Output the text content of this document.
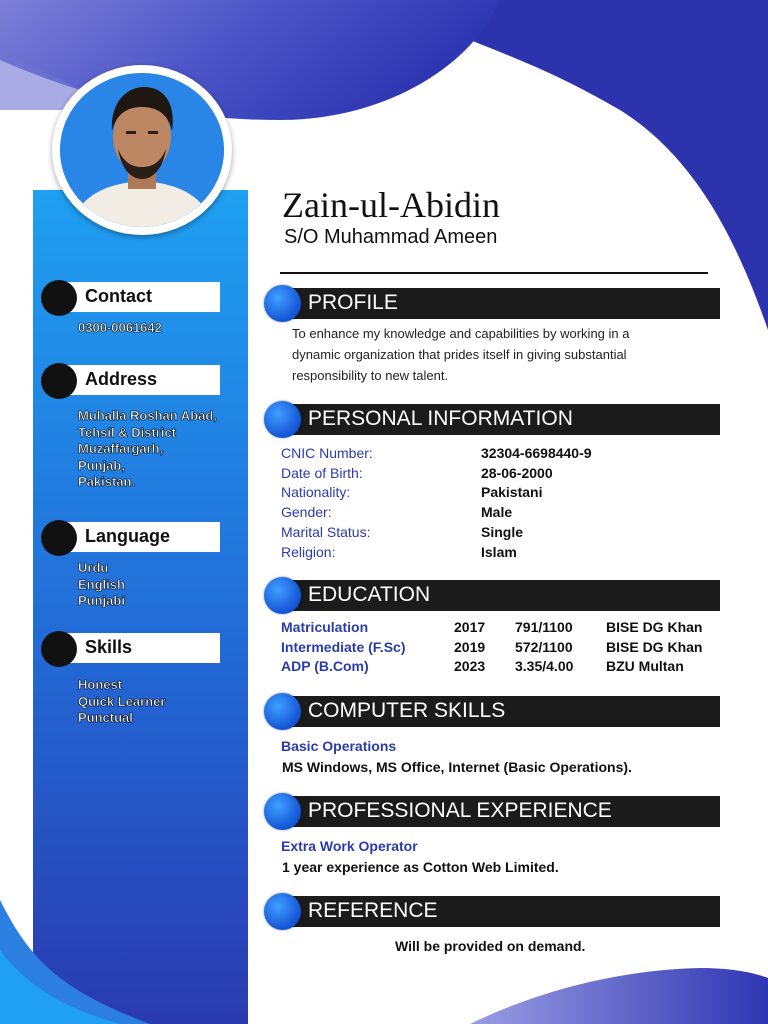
Zain-ul-Abidin
S/O Muhammad Ameen
Contact
0300-0061642
Address
Muhalla Roshan Abad,
Tehsil & District
Muzaffargarh,
Punjab,
Pakistan.
Language
Urdu
English
Punjabi
Skills
Honest
Quick Learner
Punctual
PROFILE
To enhance my knowledge and capabilities by working in a
dynamic organization that prides itself in giving substantial
responsibility to new talent.
PERSONAL INFORMATION
CNIC Number:	32304-6698440-9
Date of Birth:	28-06-2000
Nationality:	Pakistani
Gender:	Male
Marital Status:	Single
Religion:	Islam
EDUCATION
Matriculation	2017 791/1100 BISE DG Khan
Intermediate (F.Sc)	2019 572/1100 BISE DG Khan
ADP (B.Com)	2023 3.35/4.00 BZU Multan
COMPUTER SKILLS
Basic Operations
MS Windows, MS Office, Internet (Basic Operations).
PROFESSIONAL EXPERIENCE
Extra Work Operator
1 year experience as Cotton Web Limited.
REFERENCE
Will be provided on demand.
